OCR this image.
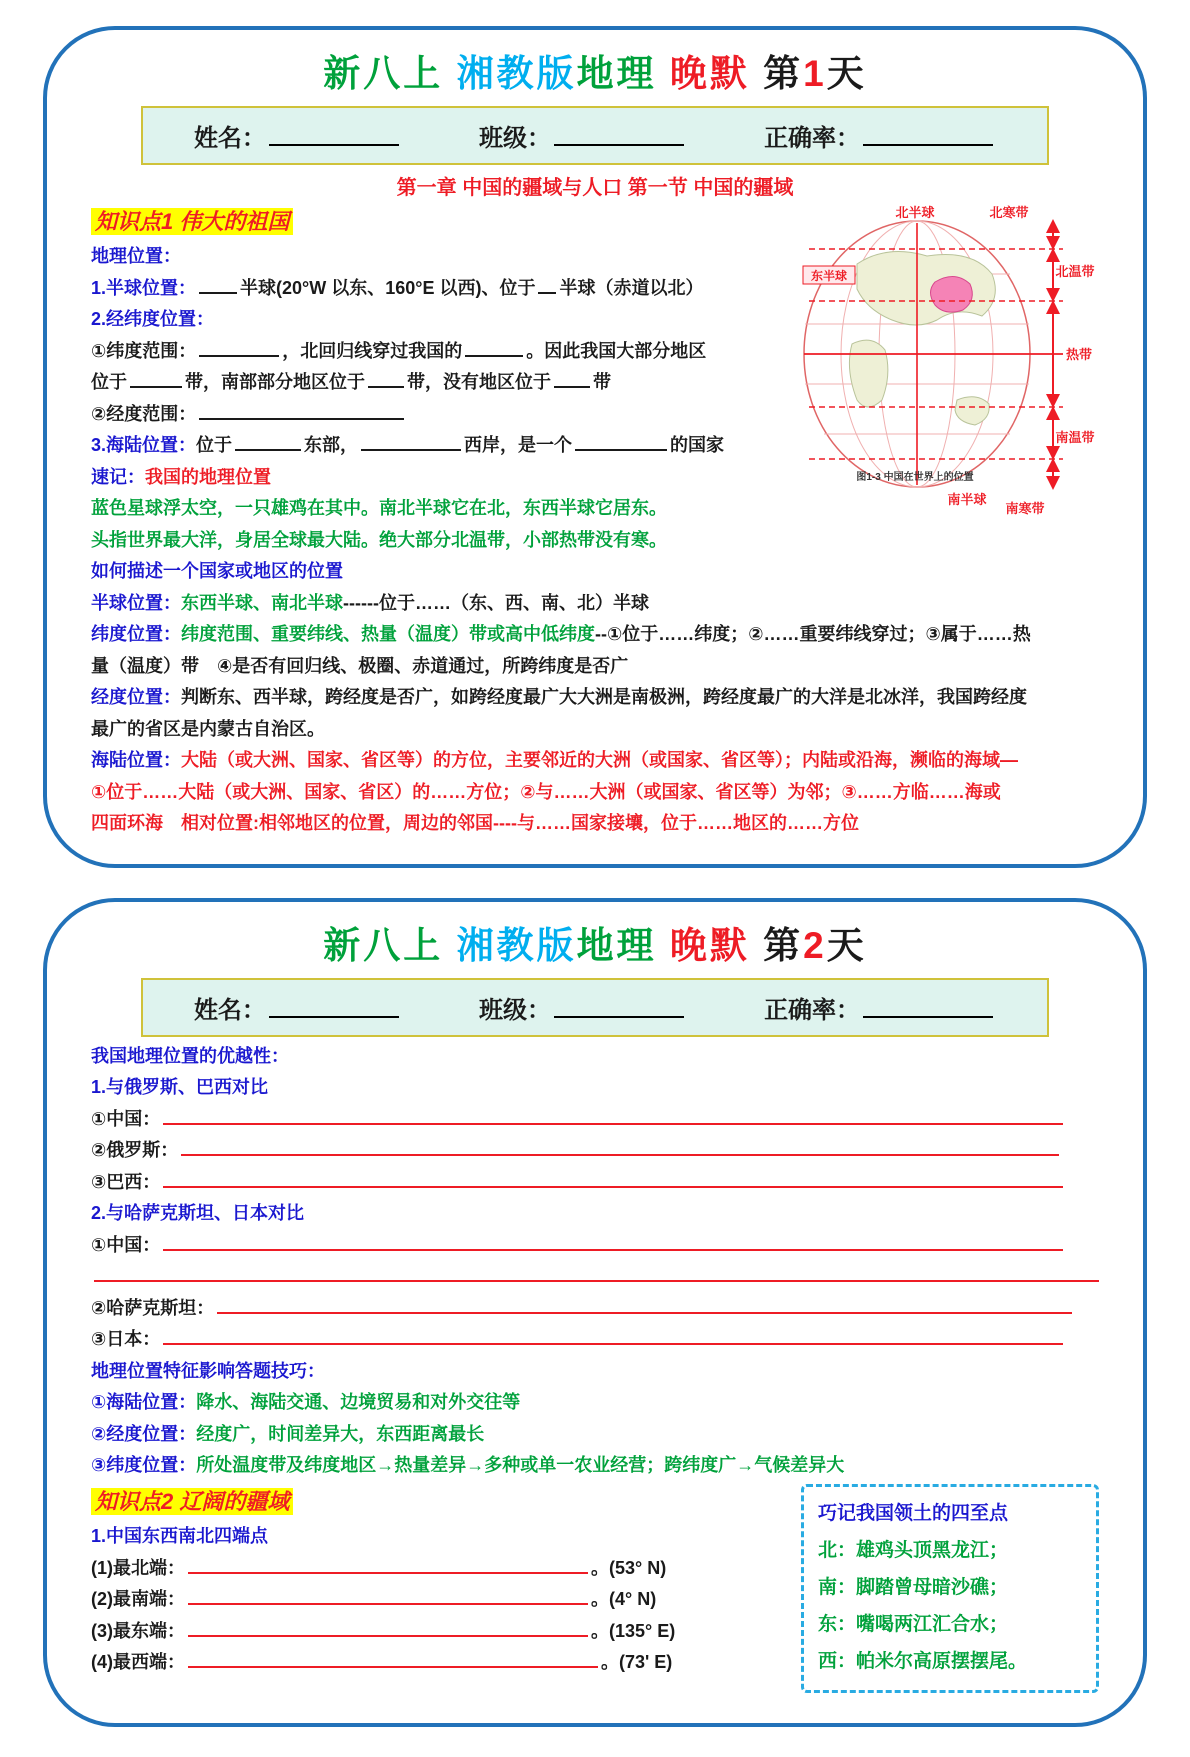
新八上 湘教版地理 晚默 第1天
姓名：	班级：	正确率：
第一章 中国的疆域与人口 第一节 中国的疆域
北半球	北寒带
北温带
东半球
热带
南温带
图1-3 中国在世界上的位置
南半球
南寒带
知识点1 伟大的祖国
地理位置：
1.半球位置： 半球(20°W 以东、160°E 以西)、位于 半球（赤道以北）
2.经纬度位置：
①纬度范围：	，北回归线穿过我国的	。因此我国大部分地区
位于	带，南部部分地区位于 带，没有地区位于 带
②经度范围：
3.海陆位置：位于	东部，	西岸，是一个	的国家
速记：我国的地理位置
蓝色星球浮太空，一只雄鸡在其中。南北半球它在北，东西半球它居东。
头指世界最大洋，身居全球最大陆。绝大部分北温带，小部热带没有寒。
如何描述一个国家或地区的位置
半球位置：东西半球、南北半球------位于……（东、西、南、北）半球
纬度位置：纬度范围、重要纬线、热量（温度）带或高中低纬度--①位于……纬度；②……重要纬线穿过；③属于……热
量（温度）带　④是否有回归线、极圈、赤道通过，所跨纬度是否广
经度位置：判断东、西半球，跨经度是否广，如跨经度最广大大洲是南极洲，跨经度最广的大洋是北冰洋，我国跨经度
最广的省区是内蒙古自治区。
海陆位置：大陆（或大洲、国家、省区等）的方位，主要邻近的大洲（或国家、省区等）；内陆或沿海，濒临的海域—
①位于……大陆（或大洲、国家、省区）的……方位；②与……大洲（或国家、省区等）为邻；③……方临……海或
四面环海　相对位置:相邻地区的位置，周边的邻国----与……国家接壤，位于……地区的……方位
新八上 湘教版地理 晚默 第2天
姓名：	班级：	正确率：
我国地理位置的优越性：
1.与俄罗斯、巴西对比
①中国：
②俄罗斯：
③巴西：
2.与哈萨克斯坦、日本对比
①中国：
②哈萨克斯坦：
③日本：
地理位置特征影响答题技巧：
①海陆位置：降水、海陆交通、边境贸易和对外交往等
②经度位置：经度广，时间差异大，东西距离最长
③纬度位置：所处温度带及纬度地区→热量差异→多种或单一农业经营；跨纬度广→气候差异大
巧记我国领土的四至点
北：雄鸡头顶黑龙江；
南：脚踏曾母暗沙礁；
东：嘴喝两江汇合水；
西：帕米尔高原摆摆尾。
知识点2 辽阔的疆域
1.中国东西南北四端点
(1)最北端：	。(53° N)
(2)最南端：	。(4° N)
(3)最东端：	。(135° E)
(4)最西端：	。(73' E)
